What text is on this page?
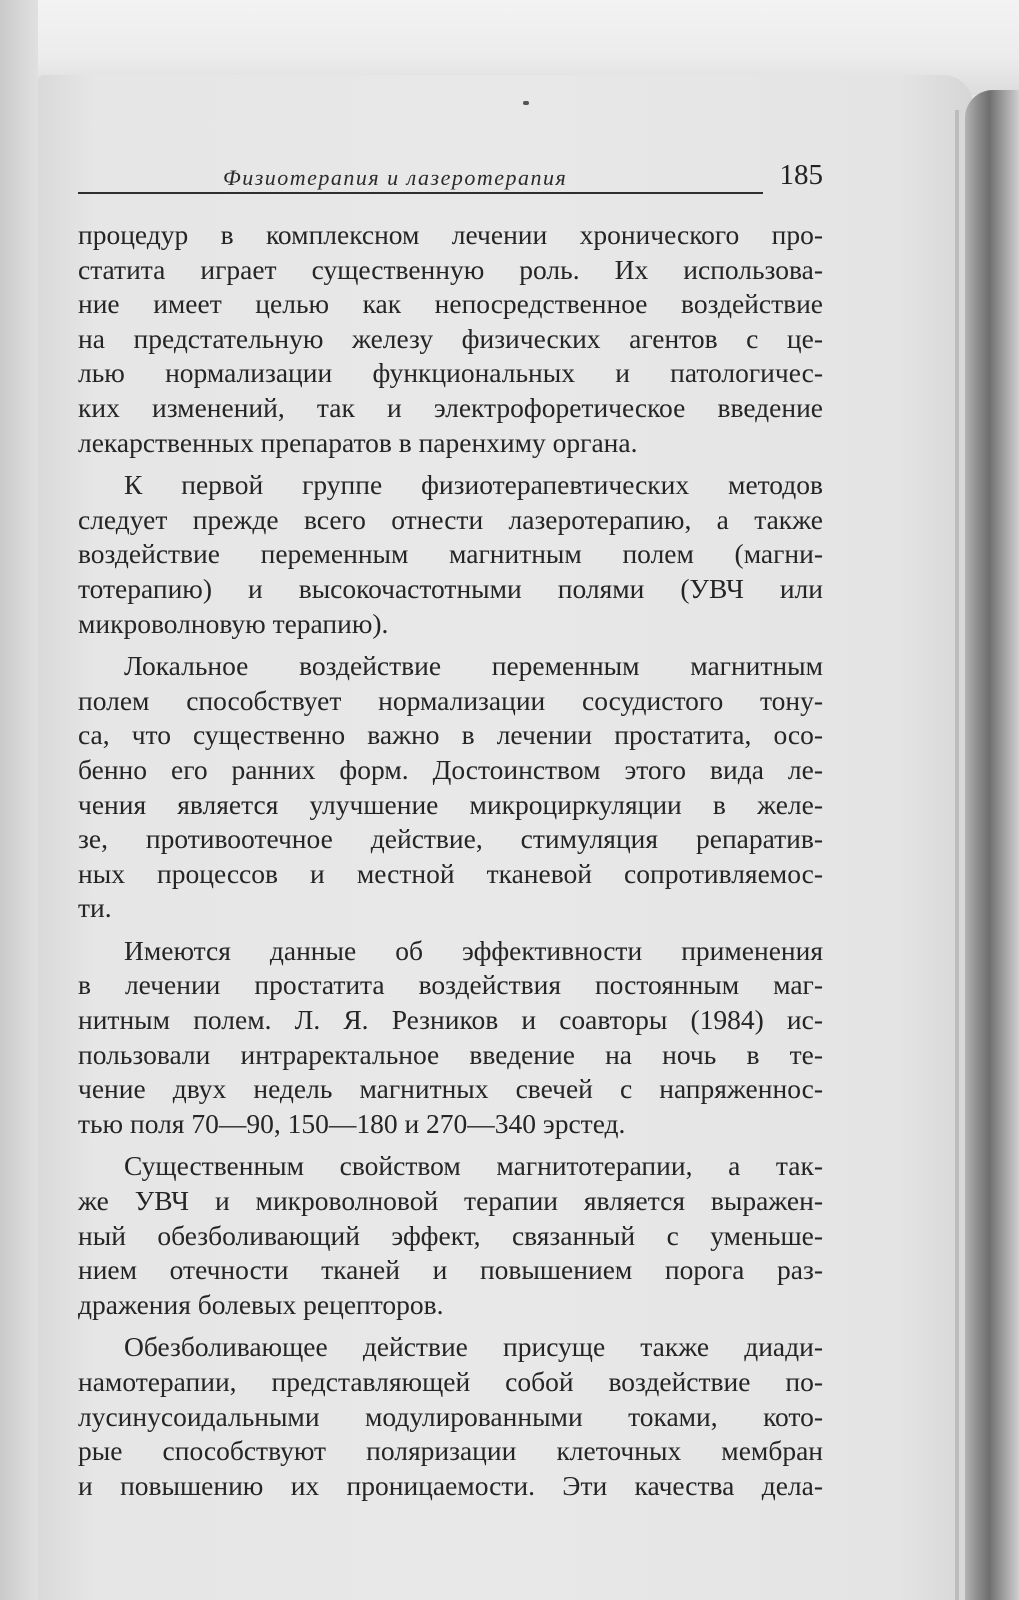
Физиотерапия и лазеротерапия	185

процедур в комплексном лечении хронического про-
статита играет существенную роль. Их использова-
ние имеет целью как непосредственное воздействие
на предстательную железу физических агентов с це-
лью нормализации функциональных и патологичес-
ких изменений, так и электрофоретическое введение
лекарственных препаратов в паренхиму органа.

К первой группе физиотерапевтических методов
следует прежде всего отнести лазеротерапию, а также
воздействие переменным магнитным полем (магни-
тотерапию) и высокочастотными полями (УВЧ или
микроволновую терапию).

Локальное воздействие переменным магнитным
полем способствует нормализации сосудистого тону-
са, что существенно важно в лечении простатита, осо-
бенно его ранних форм. Достоинством этого вида ле-
чения является улучшение микроциркуляции в желе-
зе, противоотечное действие, стимуляция репаратив-
ных процессов и местной тканевой сопротивляемос-
ти.

Имеются данные об эффективности применения
в лечении простатита воздействия постоянным маг-
нитным полем. Л. Я. Резников и соавторы (1984) ис-
пользовали интраректальное введение на ночь в те-
чение двух недель магнитных свечей с напряженнос-
тью поля 70—90, 150—180 и 270—340 эрстед.

Существенным свойством магнитотерапии, а так-
же УВЧ и микроволновой терапии является выражен-
ный обезболивающий эффект, связанный с уменьше-
нием отечности тканей и повышением порога раз-
дражения болевых рецепторов.

Обезболивающее действие присуще также диади-
намотерапии, представляющей собой воздействие по-
лусинусоидальными модулированными токами, кото-
рые способствуют поляризации клеточных мембран
и повышению их проницаемости. Эти качества дела-
